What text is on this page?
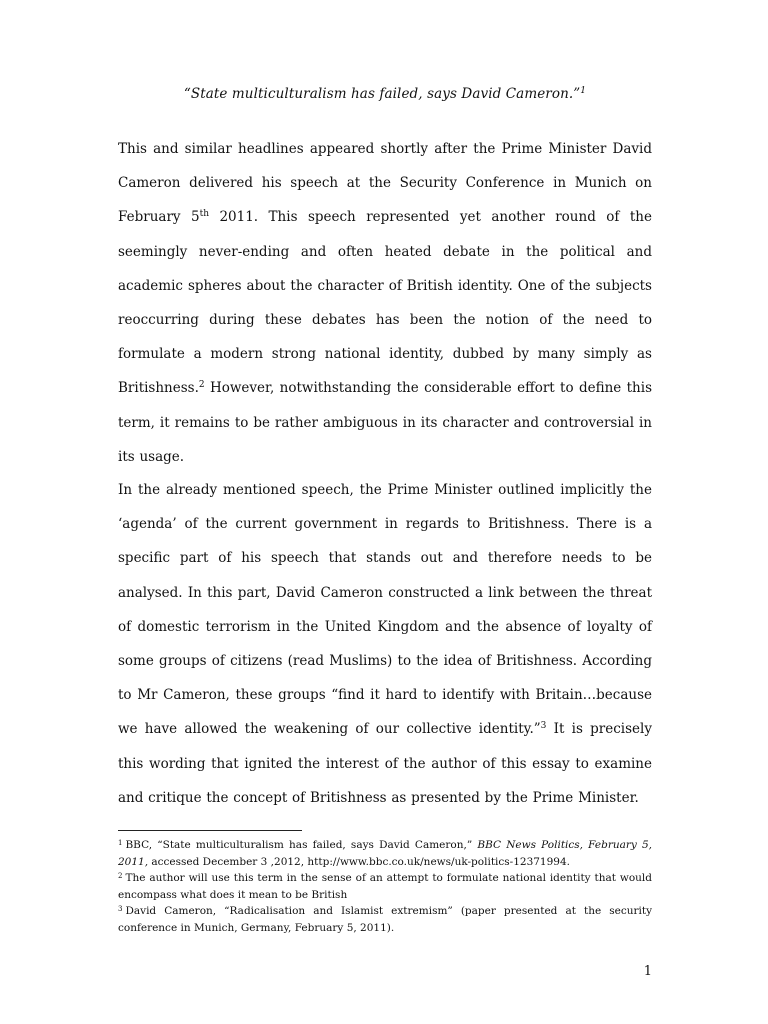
“State multiculturalism has failed, says David Cameron.”$^1$

This and similar headlines appeared shortly after the Prime Minister David Cameron delivered his speech at the Security Conference in Munich on February 5th 2011. This speech represented yet another round of the seemingly never-ending and often heated debate in the political and academic spheres about the character of British identity. One of the subjects reoccurring during these debates has been the notion of the need to formulate a modern strong national identity, dubbed by many simply as Britishness.$^2$ However, notwithstanding the considerable effort to define this term, it remains to be rather ambiguous in its character and controversial in its usage.

In the already mentioned speech, the Prime Minister outlined implicitly the ‘agenda’ of the current government in regards to Britishness. There is a specific part of his speech that stands out and therefore needs to be analysed. In this part, David Cameron constructed a link between the threat of domestic terrorism in the United Kingdom and the absence of loyalty of some groups of citizens (read Muslims) to the idea of Britishness. According to Mr Cameron, these groups “find it hard to identify with Britain…because we have allowed the weakening of our collective identity.”$^3$ It is precisely this wording that ignited the interest of the author of this essay to examine and critique the concept of Britishness as presented by the Prime Minister.

$^1$ BBC, “State multiculturalism has failed, says David Cameron,” BBC News Politics, February 5, 2011, accessed December 3 ,2012, http://www.bbc.co.uk/news/uk-politics-12371994.

$^2$ The author will use this term in the sense of an attempt to formulate national identity that would encompass what does it mean to be British

$^3$ David Cameron, “Radicalisation and Islamist extremism” (paper presented at the security conference in Munich, Germany, February 5, 2011).

1
